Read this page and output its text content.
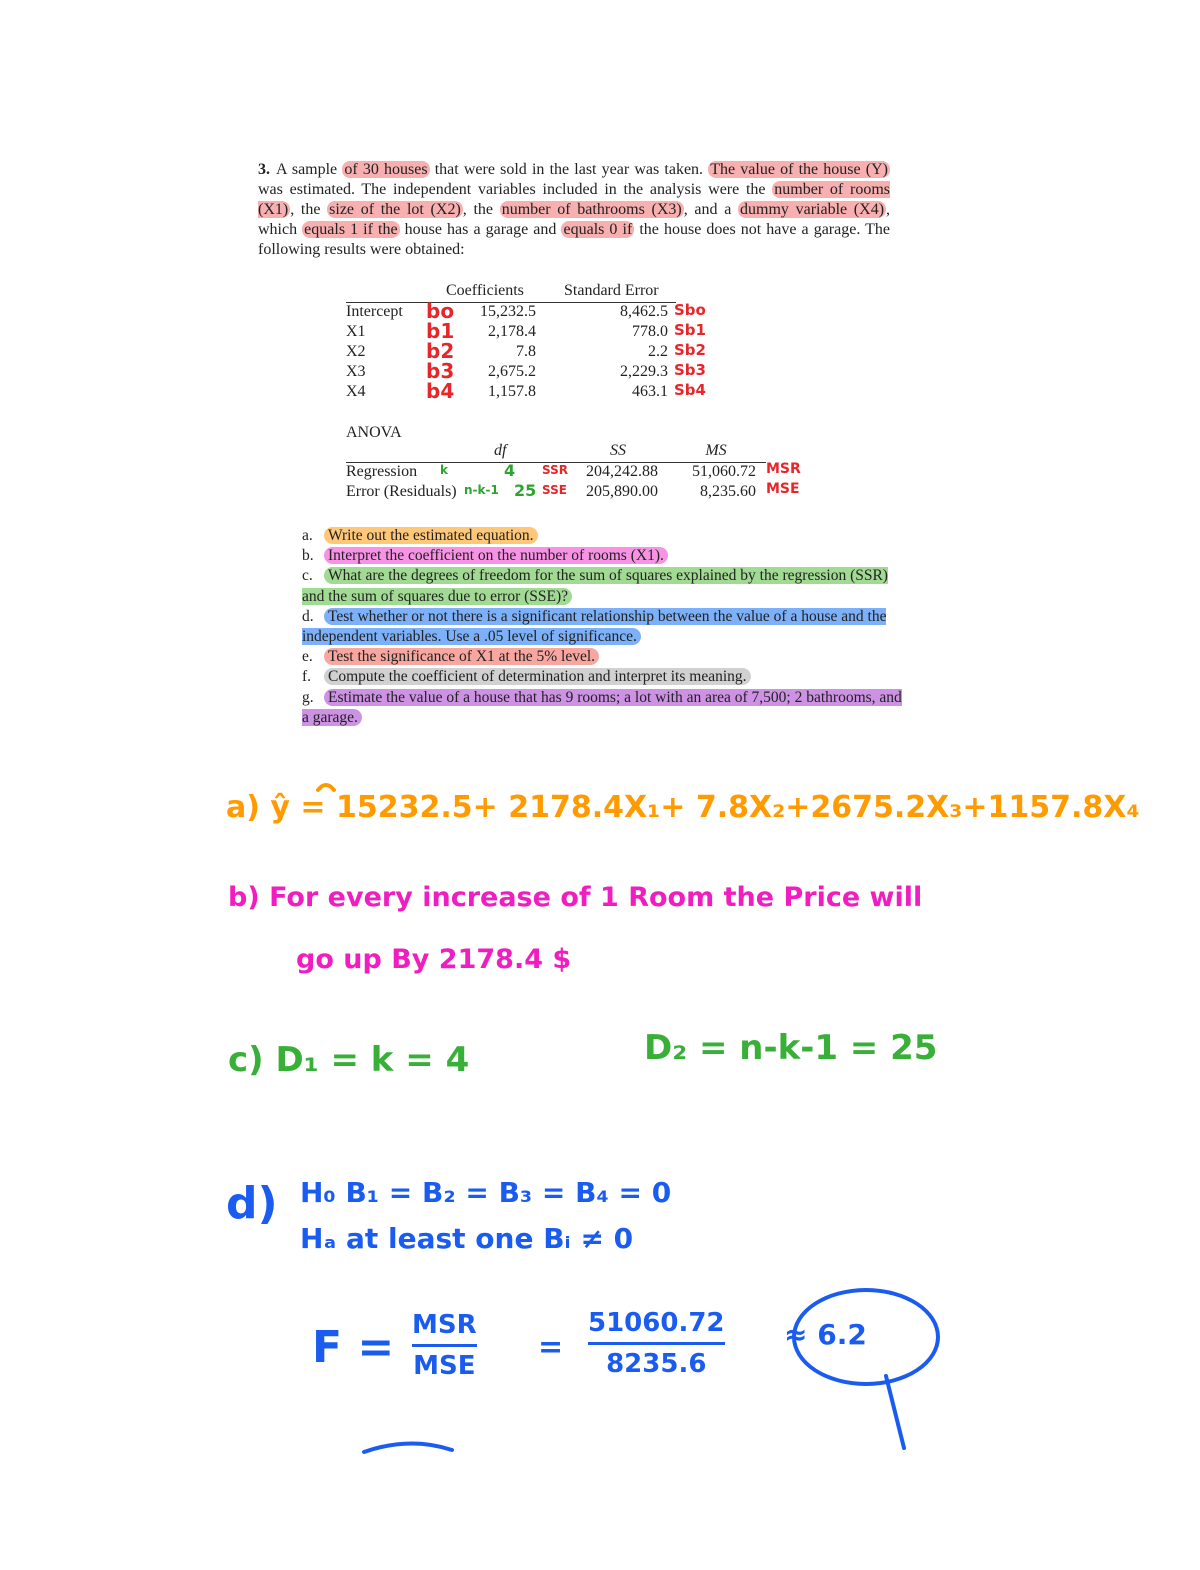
3. A sample of 30 houses that were sold in the last year was taken. The value of the house (Y) was estimated. The independent variables included in the analysis were the number of rooms (X1) , the size of the lot (X2) , the number of bathrooms (X3) , and a dummy variable (X4) , which equals 1 if the house has a garage and equals 0 if the house does not have a garage. The following results were obtained:
Coefficients	Standard Error
Intercept bo 15,232.5	8,462.5 Sbo
X1	b1 2,178.4	778.0 Sb1
X2	b2	7.8	2.2 Sb2
X3	b3 2,675.2	2,229.3 Sb3
X4	b4 1,157.8	463.1 Sb4
ANOVA
df	SS	MS
Regression k	4 SSR	204,242.88	51,060.72 MSR
Error (Residuals) n-k-1 25 SSE	205,890.00	8,235.60 MSE
a. Write out the estimated equation.
b. Interpret the coefficient on the number of rooms (X1).
c. What are the degrees of freedom for the sum of squares explained by the regression (SSR) and the sum of squares due to error (SSE)?
d. Test whether or not there is a significant relationship between the value of a house and the independent variables. Use a .05 level of significance.
e. Test the significance of X1 at the 5% level.
f. Compute the coefficient of determination and interpret its meaning.
g. Estimate the value of a house that has 9 rooms; a lot with an area of 7,500; 2 bathrooms, and a garage.
a) ŷ = 15232.5+ 2178.4X₁+ 7.8X₂+2675.2X₃+1157.8X₄
b) For every increase of 1 Room the Price will
go up By 2178.4 $
c) D₁ = k = 4	D₂ = n-k-1 = 25
d) H₀ B₁ = B₂ = B₃ = B₄ = 0
Hₐ at least one Bᵢ ≠ 0
F = MSR
MSE
=
51060.72
8235.6
≈ 6.2
